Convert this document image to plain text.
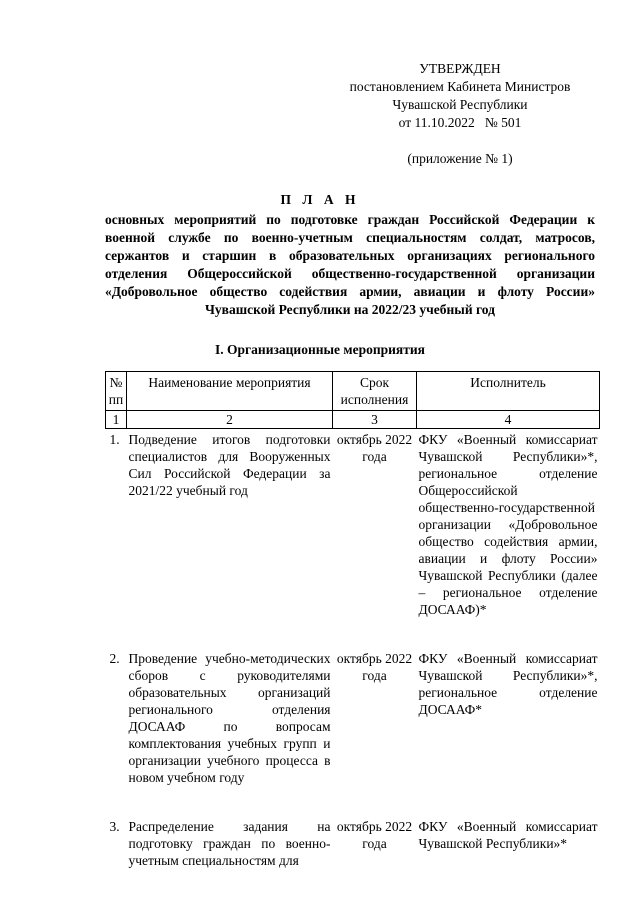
УТВЕРЖДЕН
постановлением Кабинета Министров
Чувашской Республики
от 11.10.2022   № 501
(приложение № 1)
П Л А Н
основных мероприятий по подготовке граждан Российской Федерации к военной службе по военно-учетным специальностям солдат, матросов, сержантов и старшин в образовательных организациях регионального отделения Общероссийской общественно-государственной организации «Добровольное общество содействия армии, авиации и флоту России» Чувашской Республики на 2022/23 учебный год
I. Организационные мероприятия
№ пп	Наименование мероприятия	Срок исполнения	Исполнитель
1	2	3	4
1.	Подведение итогов подготовки специалистов для Вооруженных Сил Российской Федерации за 2021/22 учебный год	октябрь 2022 года	ФКУ «Военный комиссариат Чувашской Республики»*, региональное отделение Общероссийской общественно-государственной организации «Добровольное общество содействия армии, авиации и флоту России» Чувашской Республики (далее – региональное отделение ДОСААФ)*
2.	Проведение учебно-методических сборов с руководителями образовательных организаций регионального отделения ДОСААФ по вопросам комплектования учебных групп и организации учебного процесса в новом учебном году	октябрь 2022 года	ФКУ «Военный комиссариат Чувашской Республики»*, региональное отделение ДОСААФ*
3.	Распределение задания на подготовку граждан по военно-учетным специальностям для	октябрь 2022 года	ФКУ «Военный комиссариат Чувашской Республики»*
